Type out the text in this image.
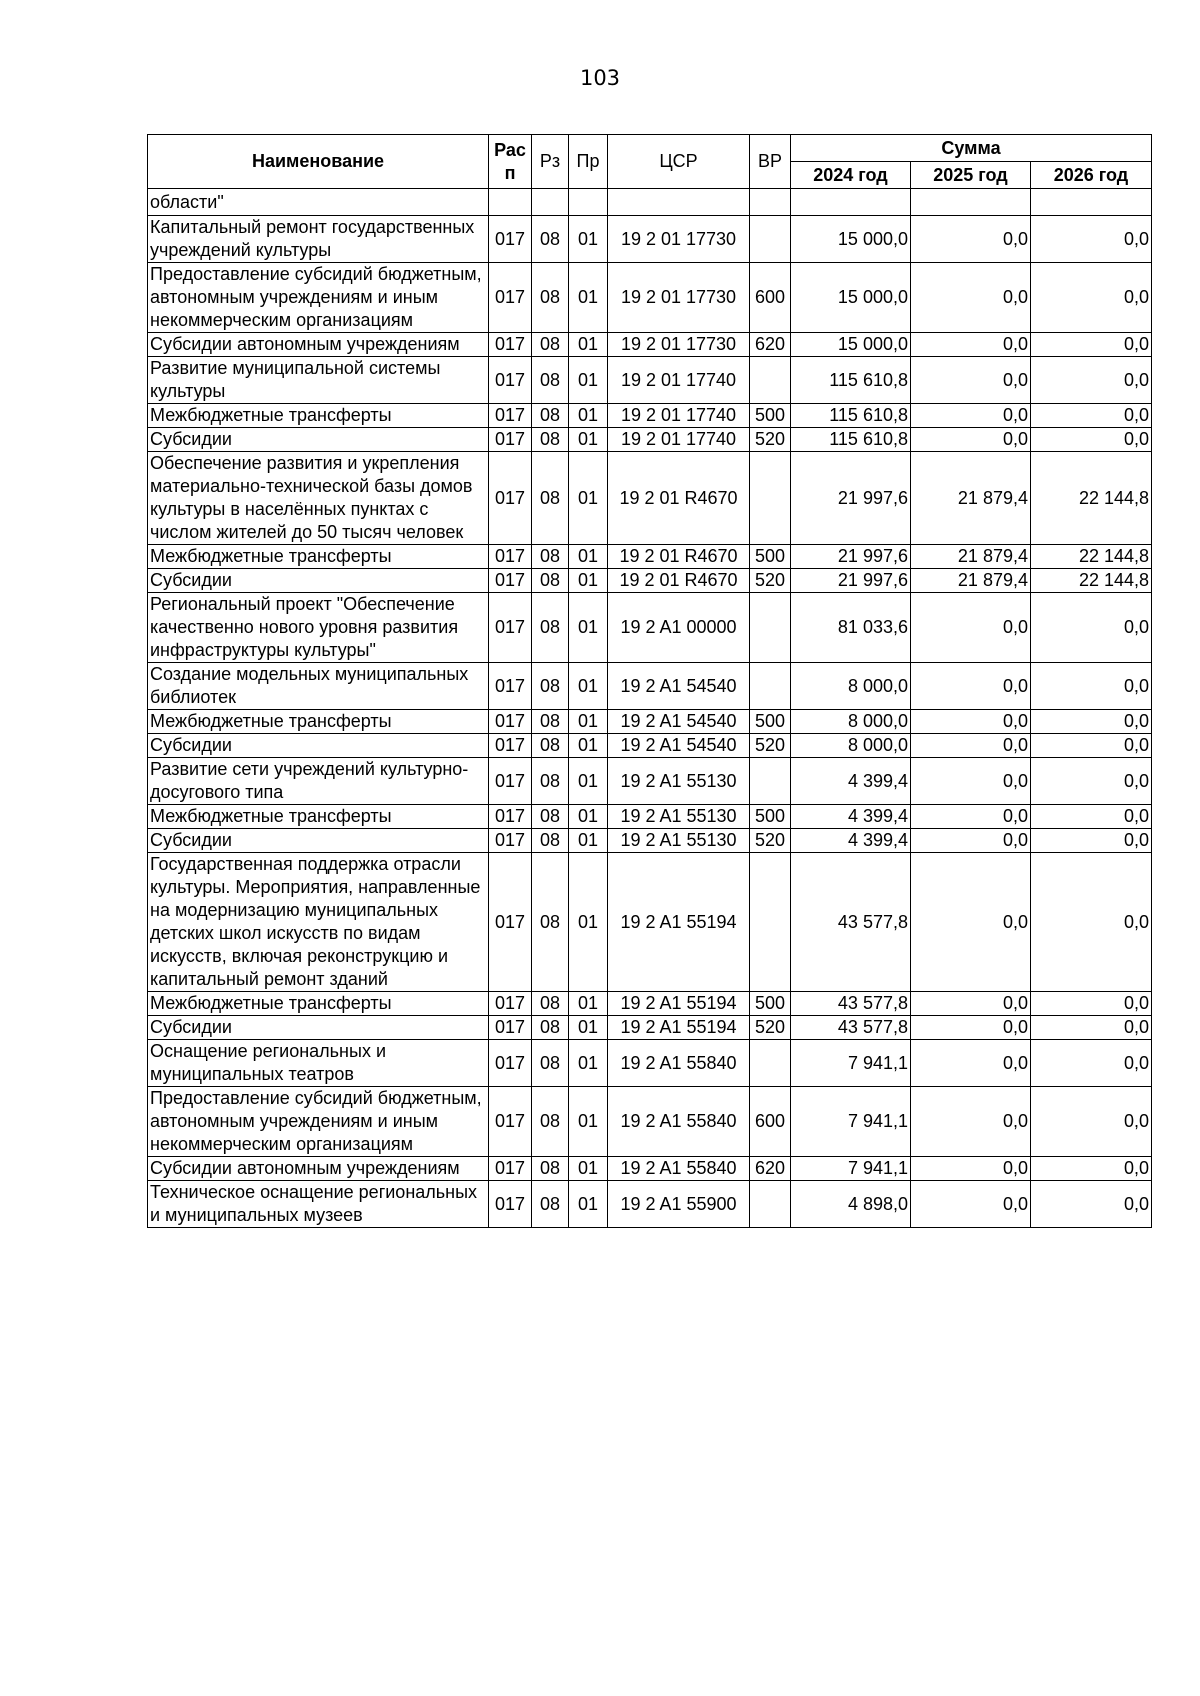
103
Наименование	Рас п	Рз	Пр	ЦСР	ВР	Сумма		
						2024 год	2025 год	2026 год
области"								
Капитальный ремонт государственных учреждений культуры	017	08	01	19 2 01 17730		15 000,0	0,0	0,0
Предоставление субсидий бюджетным, автономным учреждениям и иным некоммерческим организациям	017	08	01	19 2 01 17730	600	15 000,0	0,0	0,0
Субсидии автономным учреждениям	017	08	01	19 2 01 17730	620	15 000,0	0,0	0,0
Развитие муниципальной системы культуры	017	08	01	19 2 01 17740		115 610,8	0,0	0,0
Межбюджетные трансферты	017	08	01	19 2 01 17740	500	115 610,8	0,0	0,0
Субсидии	017	08	01	19 2 01 17740	520	115 610,8	0,0	0,0
Обеспечение развития и укрепления материально-технической базы домов культуры в населённых пунктах с числом жителей до 50 тысяч человек	017	08	01	19 2 01 R4670		21 997,6	21 879,4	22 144,8
Межбюджетные трансферты	017	08	01	19 2 01 R4670	500	21 997,6	21 879,4	22 144,8
Субсидии	017	08	01	19 2 01 R4670	520	21 997,6	21 879,4	22 144,8
Региональный проект "Обеспечение качественно нового уровня развития инфраструктуры культуры"	017	08	01	19 2 A1 00000		81 033,6	0,0	0,0
Создание модельных муниципальных библиотек	017	08	01	19 2 A1 54540		8 000,0	0,0	0,0
Межбюджетные трансферты	017	08	01	19 2 A1 54540	500	8 000,0	0,0	0,0
Субсидии	017	08	01	19 2 A1 54540	520	8 000,0	0,0	0,0
Развитие сети учреждений культурно-досугового типа	017	08	01	19 2 A1 55130		4 399,4	0,0	0,0
Межбюджетные трансферты	017	08	01	19 2 A1 55130	500	4 399,4	0,0	0,0
Субсидии	017	08	01	19 2 A1 55130	520	4 399,4	0,0	0,0
Государственная поддержка отрасли культуры. Мероприятия, направленные на модернизацию муниципальных детских школ искусств по видам искусств, включая реконструкцию и капитальный ремонт зданий	017	08	01	19 2 A1 55194		43 577,8	0,0	0,0
Межбюджетные трансферты	017	08	01	19 2 A1 55194	500	43 577,8	0,0	0,0
Субсидии	017	08	01	19 2 A1 55194	520	43 577,8	0,0	0,0
Оснащение региональных и муниципальных театров	017	08	01	19 2 A1 55840		7 941,1	0,0	0,0
Предоставление субсидий бюджетным, автономным учреждениям и иным некоммерческим организациям	017	08	01	19 2 A1 55840	600	7 941,1	0,0	0,0
Субсидии автономным учреждениям	017	08	01	19 2 A1 55840	620	7 941,1	0,0	0,0
Техническое оснащение региональных и муниципальных музеев	017	08	01	19 2 A1 55900		4 898,0	0,0	0,0
